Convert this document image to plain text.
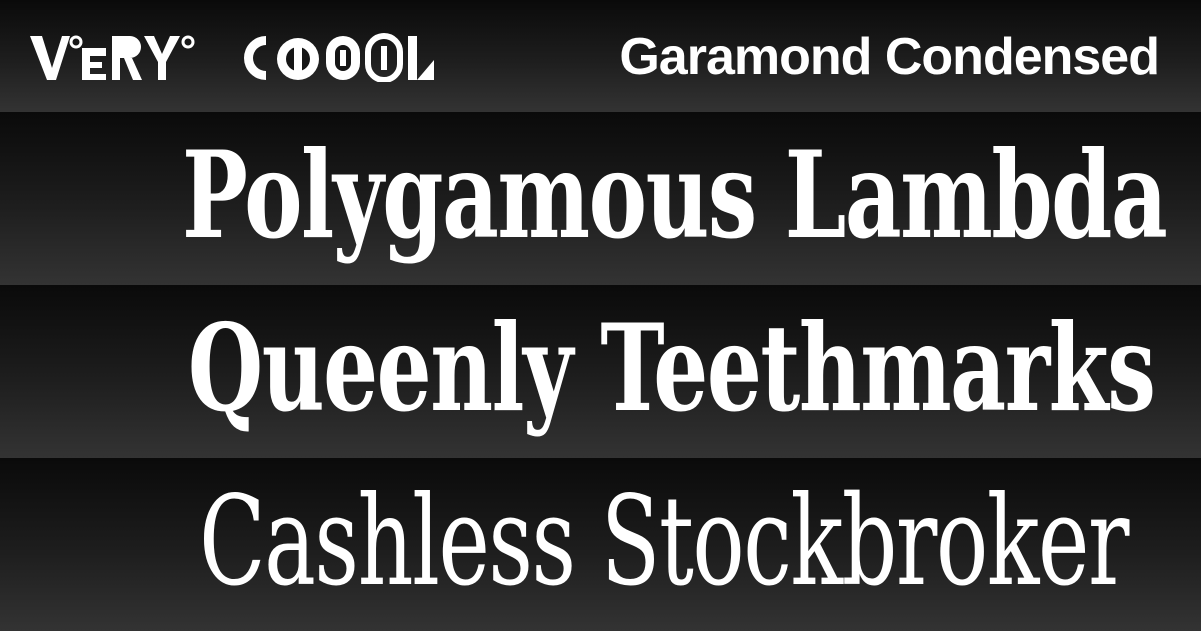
Garamond Condensed
Polygamous Lambda
Queenly Teethmarks
Cashless Stockbroker
